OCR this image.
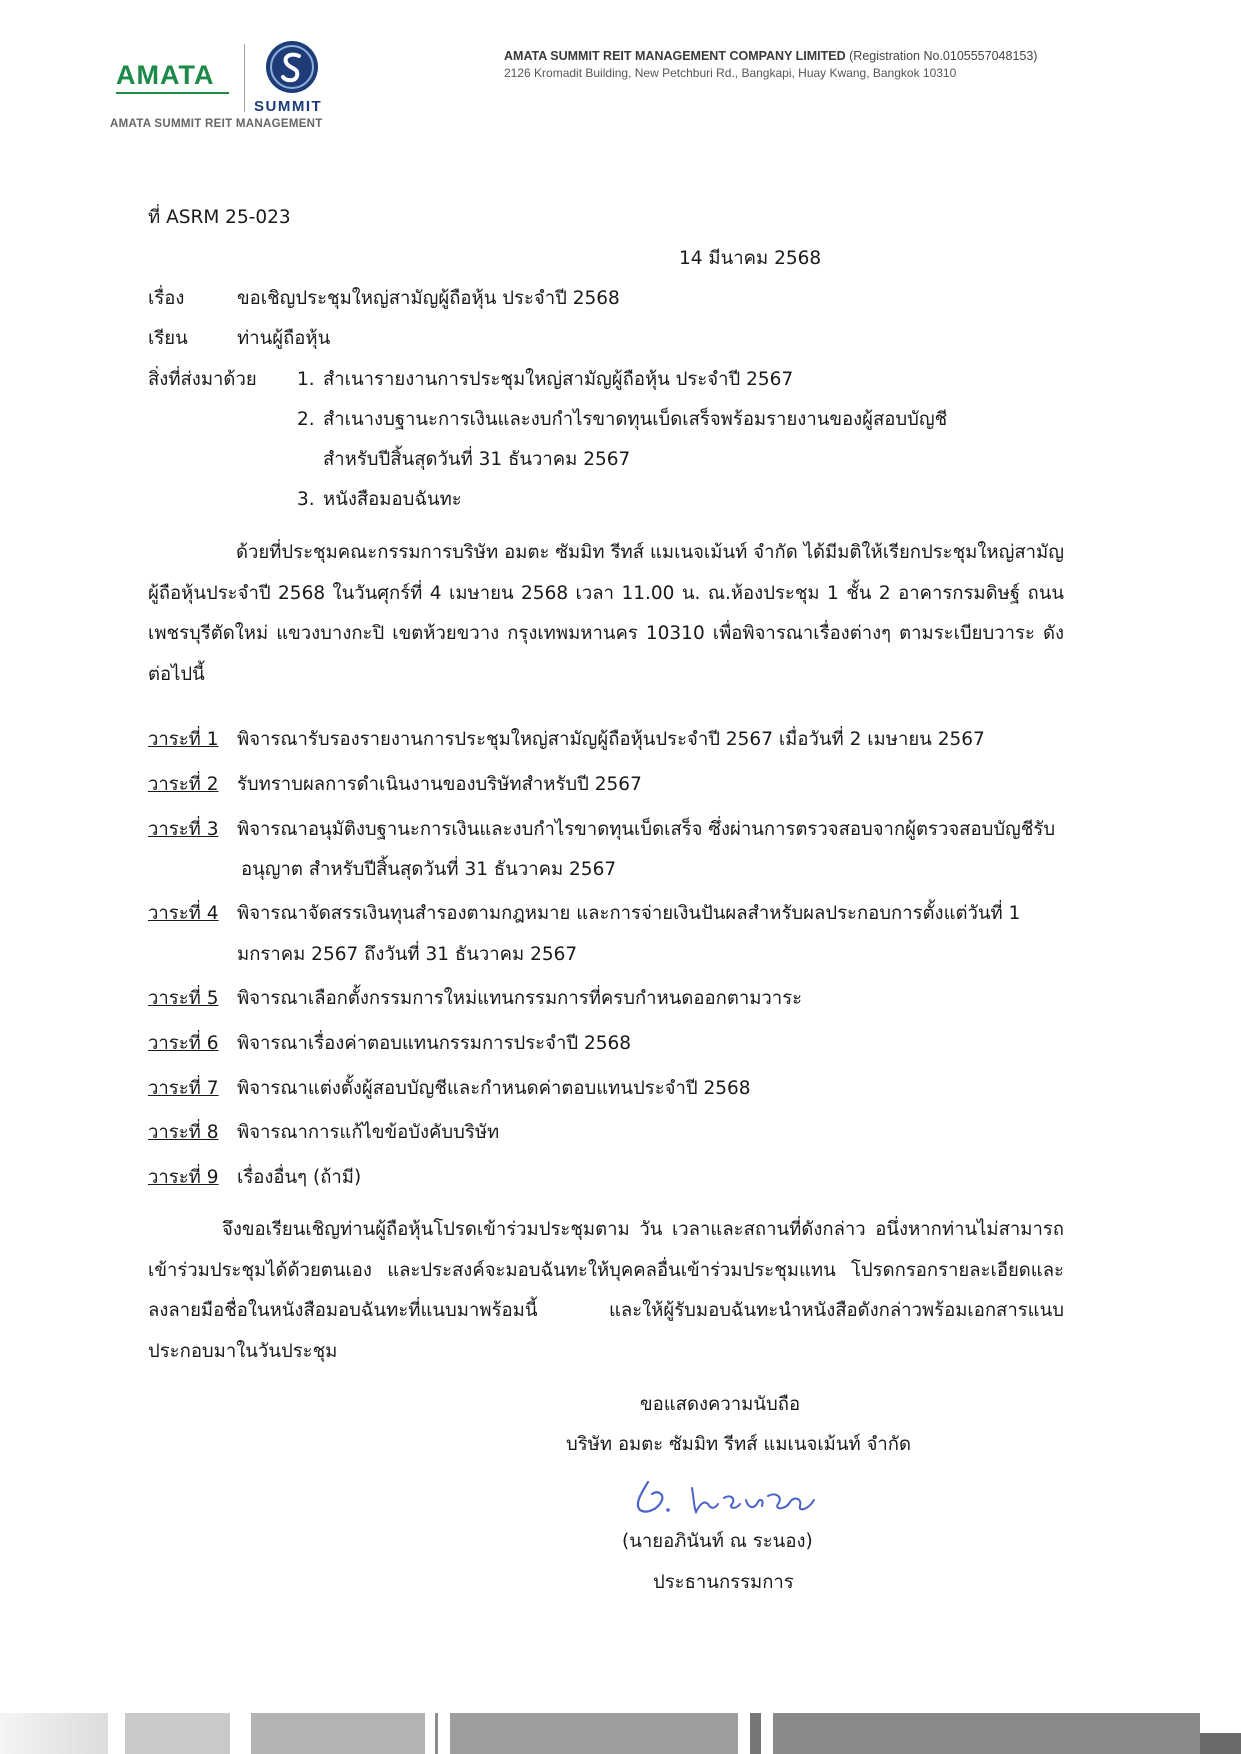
AMATA
SUMMIT
AMATA SUMMIT REIT MANAGEMENT
AMATA SUMMIT REIT MANAGEMENT COMPANY LIMITED (Registration No.0105557048153)
2126 Kromadit Building, New Petchburi Rd., Bangkapi, Huay Kwang, Bangkok 10310
ที่ ASRM 25-023
14 มีนาคม 2568
เรื่อง	ขอเชิญประชุมใหญ่สามัญผู้ถือหุ้น ประจำปี 2568
เรียน	ท่านผู้ถือหุ้น
สิ่งที่ส่งมาด้วย 1. สำเนารายงานการประชุมใหญ่สามัญผู้ถือหุ้น ประจำปี 2567
2. สำเนางบฐานะการเงินและงบกำไรขาดทุนเบ็ดเสร็จพร้อมรายงานของผู้สอบบัญชี
สำหรับปีสิ้นสุดวันที่ 31 ธันวาคม 2567
3. หนังสือมอบฉันทะ
ด้วยที่ประชุมคณะกรรมการบริษัท อมตะ ซัมมิท รีทส์ แมเนจเม้นท์ จำกัด ได้มีมติให้เรียกประชุมใหญ่สามัญผู้ถือหุ้นประจำปี 2568 ในวันศุกร์ที่ 4 เมษายน 2568 เวลา 11.00 น. ณ.ห้องประชุม 1 ชั้น 2 อาคารกรมดิษฐ์ ถนนเพชรบุรีตัดใหม่ แขวงบางกะปิ เขตห้วยขวาง กรุงเทพมหานคร 10310 เพื่อพิจารณาเรื่องต่างๆ ตามระเบียบวาระ ดังต่อไปนี้
วาระที่ 1 พิจารณารับรองรายงานการประชุมใหญ่สามัญผู้ถือหุ้นประจำปี 2567 เมื่อวันที่ 2 เมษายน 2567
วาระที่ 2 รับทราบผลการดำเนินงานของบริษัทสำหรับปี 2567
วาระที่ 3 พิจารณาอนุมัติงบฐานะการเงินและงบกำไรขาดทุนเบ็ดเสร็จ ซึ่งผ่านการตรวจสอบจากผู้ตรวจสอบบัญชีรับ
อนุญาต สำหรับปีสิ้นสุดวันที่ 31 ธันวาคม 2567
วาระที่ 4 พิจารณาจัดสรรเงินทุนสำรองตามกฎหมาย และการจ่ายเงินปันผลสำหรับผลประกอบการตั้งแต่วันที่ 1
มกราคม 2567 ถึงวันที่ 31 ธันวาคม 2567
วาระที่ 5 พิจารณาเลือกตั้งกรรมการใหม่แทนกรรมการที่ครบกำหนดออกตามวาระ
วาระที่ 6 พิจารณาเรื่องค่าตอบแทนกรรมการประจำปี 2568
วาระที่ 7 พิจารณาแต่งตั้งผู้สอบบัญชีและกำหนดค่าตอบแทนประจำปี 2568
วาระที่ 8 พิจารณาการแก้ไขข้อบังคับบริษัท
วาระที่ 9 เรื่องอื่นๆ (ถ้ามี)
จึงขอเรียนเชิญท่านผู้ถือหุ้นโปรดเข้าร่วมประชุมตาม วัน เวลาและสถานที่ดังกล่าว อนึ่งหากท่านไม่สามารถเข้าร่วมประชุมได้ด้วยตนเอง และประสงค์จะมอบฉันทะให้บุคคลอื่นเข้าร่วมประชุมแทน โปรดกรอกรายละเอียดและลงลายมือชื่อในหนังสือมอบฉันทะที่แนบมาพร้อมนี้ และให้ผู้รับมอบฉันทะนำหนังสือดังกล่าวพร้อมเอกสารแนบประกอบมาในวันประชุม
ขอแสดงความนับถือ
บริษัท อมตะ ซัมมิท รีทส์ แมเนจเม้นท์ จำกัด
(นายอภินันท์ ณ ระนอง)
ประธานกรรมการ
